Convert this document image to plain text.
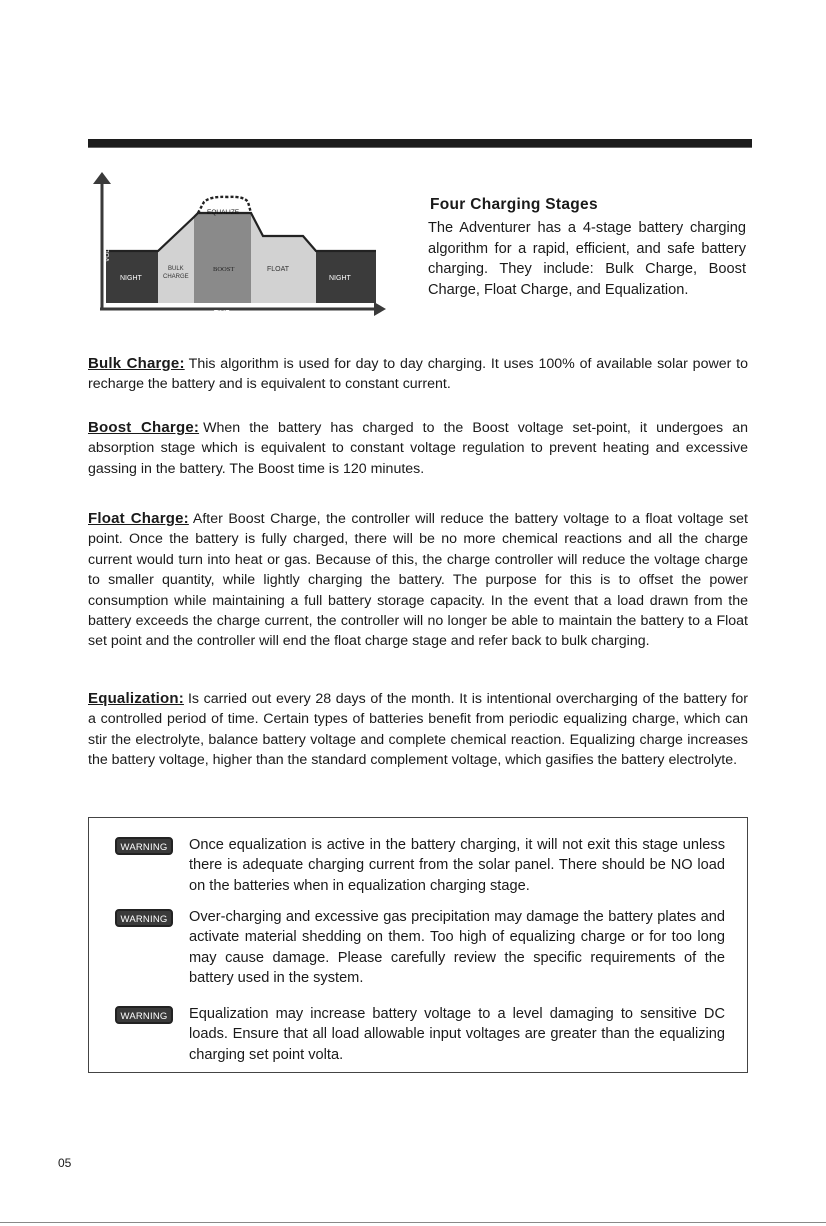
VOLTAGE
TIME
NIGHT
BULK
CHARGE
BOOST
EQUALIZE
FLOAT
NIGHT
Four Charging Stages

The Adventurer has a 4-stage battery charging algorithm for a rapid, efficient, and safe battery charging. They include: Bulk Charge, Boost Charge, Float Charge, and Equalization.

Bulk Charge: This algorithm is used for day to day charging. It uses 100% of available solar power to recharge the battery and is equivalent to constant current.

Boost Charge: When the battery has charged to the Boost voltage set-point, it undergoes an absorption stage which is equivalent to constant voltage regulation to prevent heating and excessive gassing in the battery. The Boost time is 120 minutes.

Float Charge: After Boost Charge, the controller will reduce the battery voltage to a float voltage set point. Once the battery is fully charged, there will be no more chemical reactions and all the charge current would turn into heat or gas. Because of this, the charge controller will reduce the voltage charge to smaller quantity, while lightly charging the battery. The purpose for this is to offset the power consumption while maintaining a full battery storage capacity. In the event that a load drawn from the battery exceeds the charge current, the controller will no longer be able to maintain the battery to a Float set point and the controller will end the float charge stage and refer back to bulk charging.

Equalization: Is carried out every 28 days of the month. It is intentional overcharging of the battery for a controlled period of time. Certain types of batteries benefit from periodic equalizing charge, which can stir the electrolyte, balance battery voltage and complete chemical reaction. Equalizing charge increases the battery voltage, higher than the standard complement voltage, which gasifies the battery electrolyte.

WARNING Once equalization is active in the battery charging, it will not exit this stage unless there is adequate charging current from the solar panel. There should be NO load on the batteries when in equalization charging stage.

WARNING Over-charging and excessive gas precipitation may damage the battery plates and activate material shedding on them. Too high of equalizing charge or for too long may cause damage. Please carefully review the specific requirements of the battery used in the system.

WARNING Equalization may increase battery voltage to a level damaging to sensitive DC loads. Ensure that all load allowable input voltages are greater than the equalizing charging set point volta.

05
